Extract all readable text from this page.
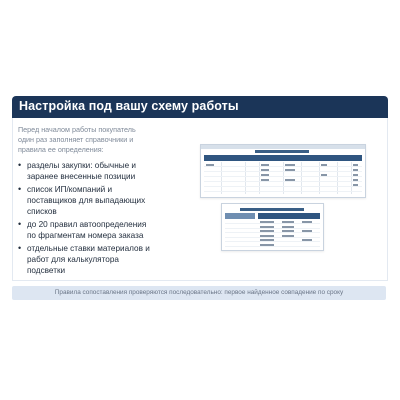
Настройка под вашу схему работы
Перед началом работы покупатель один раз заполняет справочники и правила ее определения:
• разделы закупки: обычные и заранее внесенные позиции
• список ИП/компаний и поставщиков для выпадающих списков
• до 20 правил автоопределения по фрагментам номера заказа
• отдельные ставки материалов и работ для калькулятора подсветки
Правила сопоставления проверяются последовательно: первое найденное совпадение по сроку
